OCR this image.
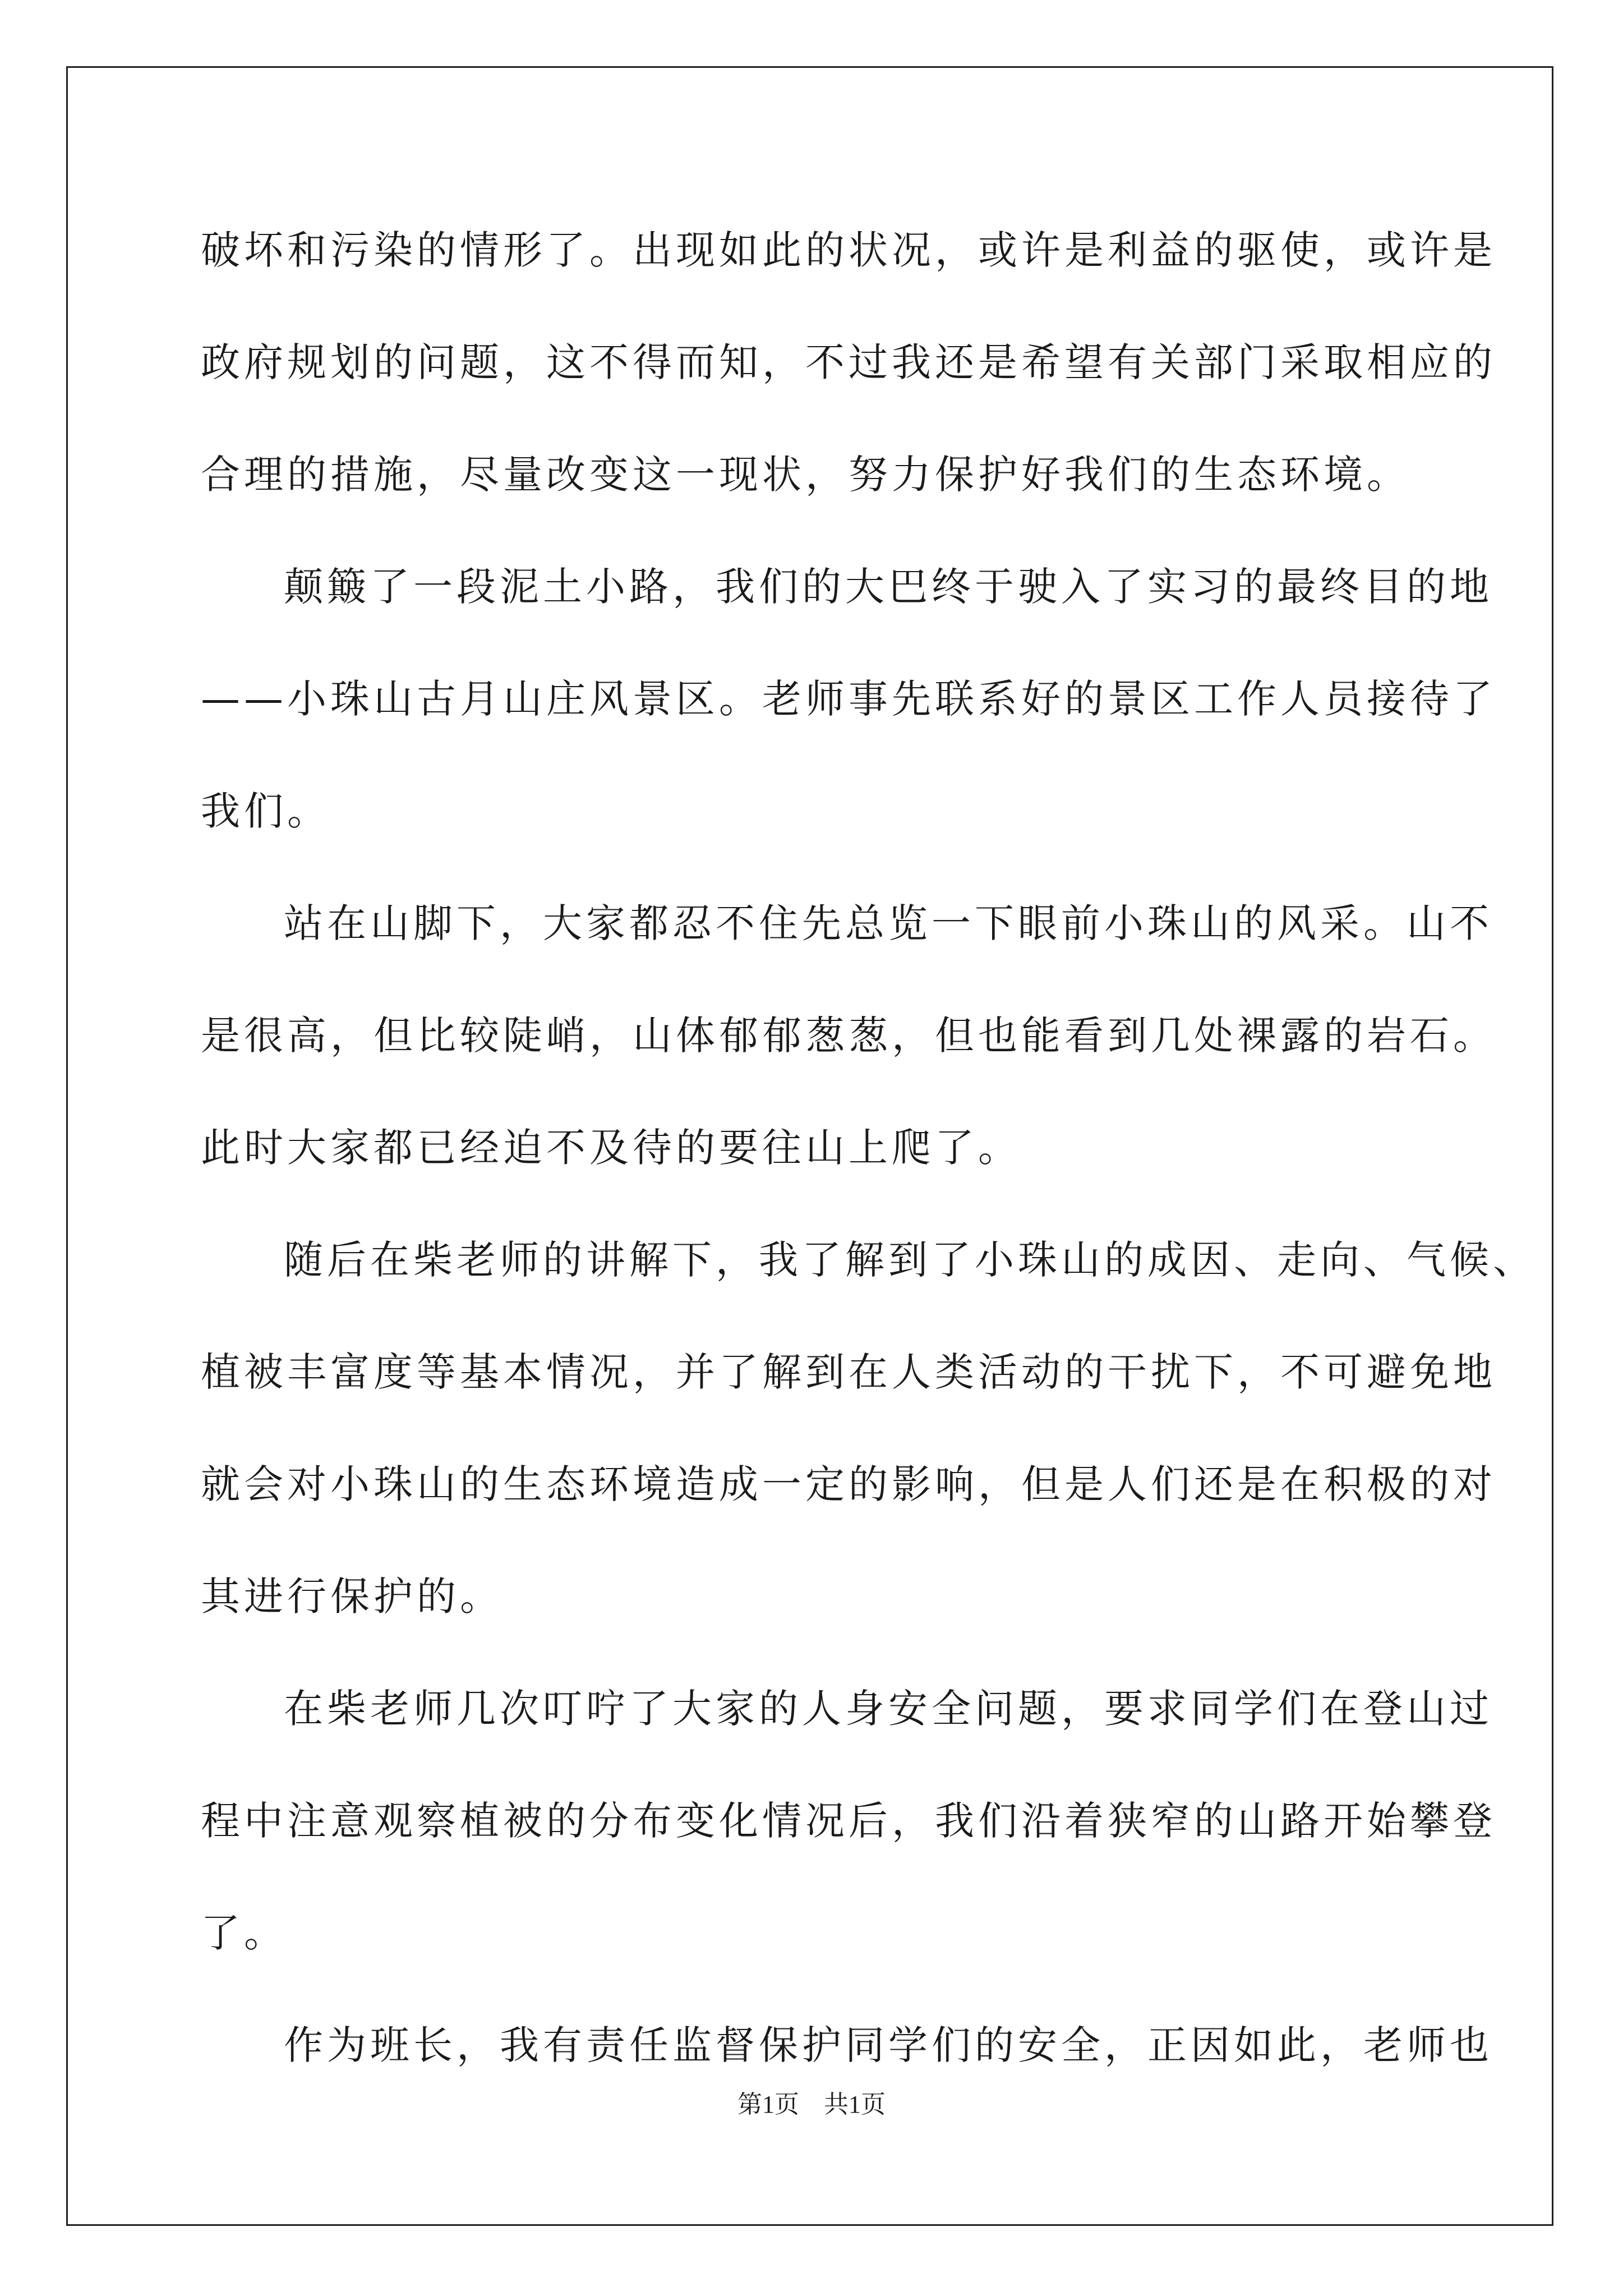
破坏和污染的情形了。出现如此的状况，或许是利益的驱使，或许是
政府规划的问题，这不得而知，不过我还是希望有关部门采取相应的
合理的措施，尽量改变这一现状，努力保护好我们的生态环境。
颠簸了一段泥土小路，我们的大巴终于驶入了实习的最终目的地
——小珠山古月山庄风景区。老师事先联系好的景区工作人员接待了
我们。
站在山脚下，大家都忍不住先总览一下眼前小珠山的风采。山不
是很高，但比较陡峭，山体郁郁葱葱，但也能看到几处裸露的岩石。
此时大家都已经迫不及待的要往山上爬了。
随后在柴老师的讲解下，我了解到了小珠山的成因、走向、气候、
植被丰富度等基本情况，并了解到在人类活动的干扰下，不可避免地
就会对小珠山的生态环境造成一定的影响，但是人们还是在积极的对
其进行保护的。
在柴老师几次叮咛了大家的人身安全问题，要求同学们在登山过
程中注意观察植被的分布变化情况后，我们沿着狭窄的山路开始攀登
了。
作为班长，我有责任监督保护同学们的安全，正因如此，老师也
第1页 共1页
